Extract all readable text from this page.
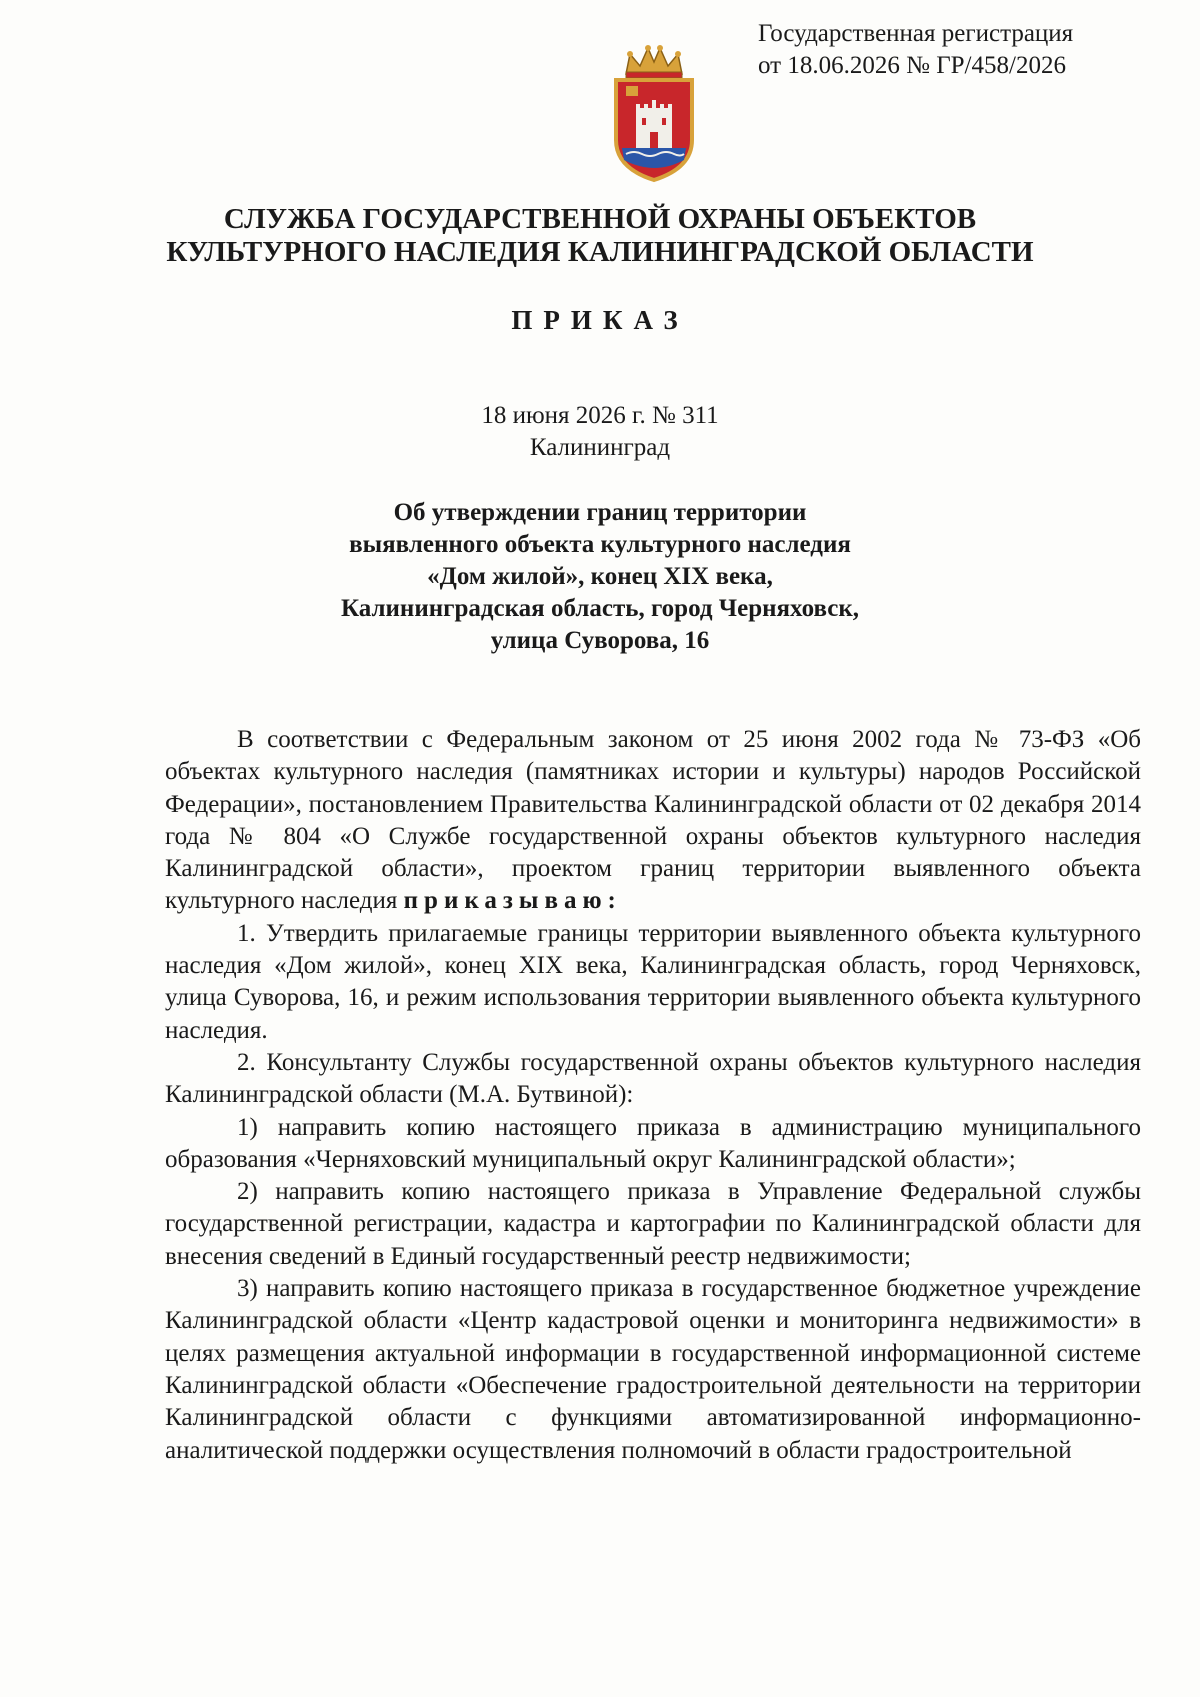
Государственная регистрация
от 18.06.2026 № ГР/458/2026
СЛУЖБА ГОСУДАРСТВЕННОЙ ОХРАНЫ ОБЪЕКТОВ
КУЛЬТУРНОГО НАСЛЕДИЯ КАЛИНИНГРАДСКОЙ ОБЛАСТИ
ПРИКАЗ
18 июня 2026 г. № 311
Калининград
Об утверждении границ территории
выявленного объекта культурного наследия
«Дом жилой», конец XIX века,
Калининградская область, город Черняховск,
улица Суворова, 16

В соответствии с Федеральным законом от 25 июня 2002 года № 73-ФЗ «Об объектах культурного наследия (памятниках истории и культуры) народов Российской Федерации», постановлением Правительства Калининградской области от 02 декабря 2014 года № 804 «О Службе государственной охраны объектов культурного наследия Калининградской области», проектом границ территории выявленного объекта культурного наследия приказываю:

1. Утвердить прилагаемые границы территории выявленного объекта культурного наследия «Дом жилой», конец XIX века, Калининградская область, город Черняховск, улица Суворова, 16, и режим использования территории выявленного объекта культурного наследия.

2. Консультанту Службы государственной охраны объектов культурного наследия Калининградской области (М.А. Бутвиной):

1) направить копию настоящего приказа в администрацию муниципального образования «Черняховский муниципальный округ Калининградской области»;

2) направить копию настоящего приказа в Управление Федеральной службы государственной регистрации, кадастра и картографии по Калининградской области для внесения сведений в Единый государственный реестр недвижимости;

3) направить копию настоящего приказа в государственное бюджетное учреждение Калининградской области «Центр кадастровой оценки и мониторинга недвижимости» в целях размещения актуальной информации в государственной информационной системе Калининградской области «Обеспечение градостроительной деятельности на территории Калининградской области с функциями автоматизированной информационно-аналитической поддержки осуществления полномочий в области градостроительной
